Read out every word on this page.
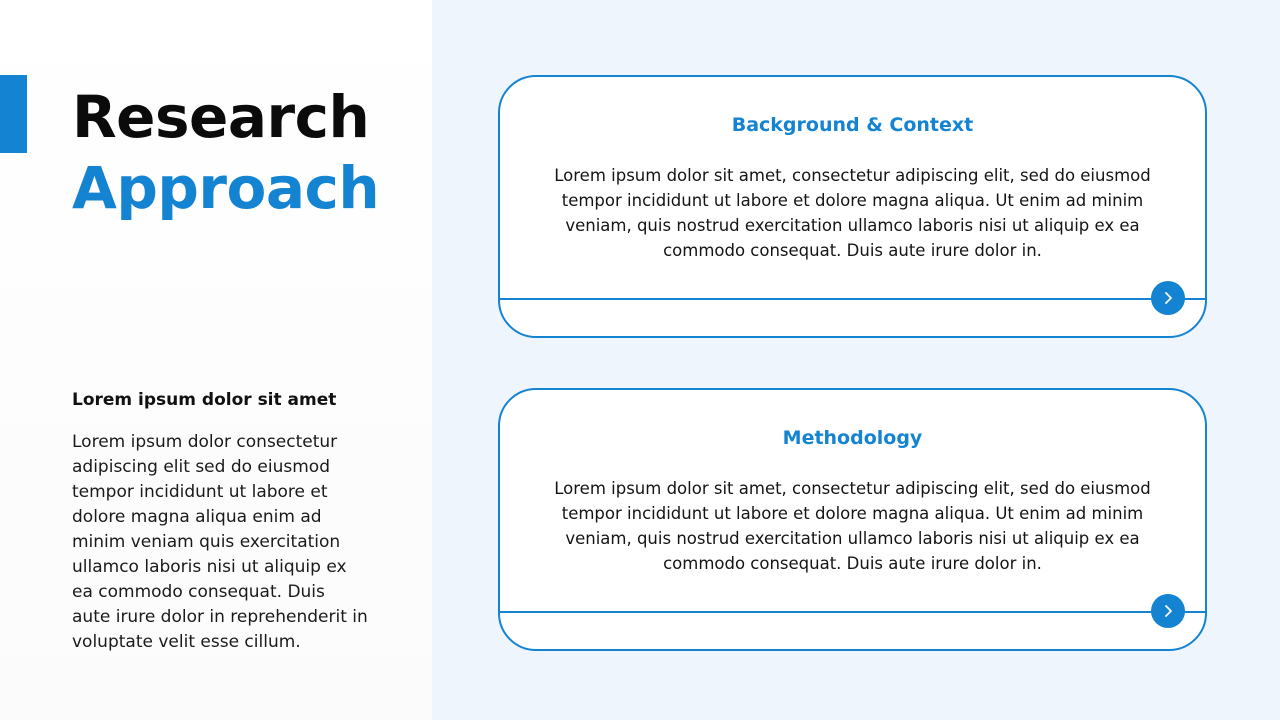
Research
Approach
Lorem ipsum dolor sit amet
Lorem ipsum dolor consectetur adipiscing elit sed do eiusmod tempor incididunt ut labore et dolore magna aliqua enim ad minim veniam quis exercitation ullamco laboris nisi ut aliquip ex ea commodo consequat. Duis aute irure dolor in reprehenderit in voluptate velit esse cillum.
Background & Context
Lorem ipsum dolor sit amet, consectetur adipiscing elit, sed do eiusmod tempor incididunt ut labore et dolore magna aliqua. Ut enim ad minim veniam, quis nostrud exercitation ullamco laboris nisi ut aliquip ex ea commodo consequat. Duis aute irure dolor in.
Methodology
Lorem ipsum dolor sit amet, consectetur adipiscing elit, sed do eiusmod tempor incididunt ut labore et dolore magna aliqua. Ut enim ad minim veniam, quis nostrud exercitation ullamco laboris nisi ut aliquip ex ea commodo consequat. Duis aute irure dolor in.
